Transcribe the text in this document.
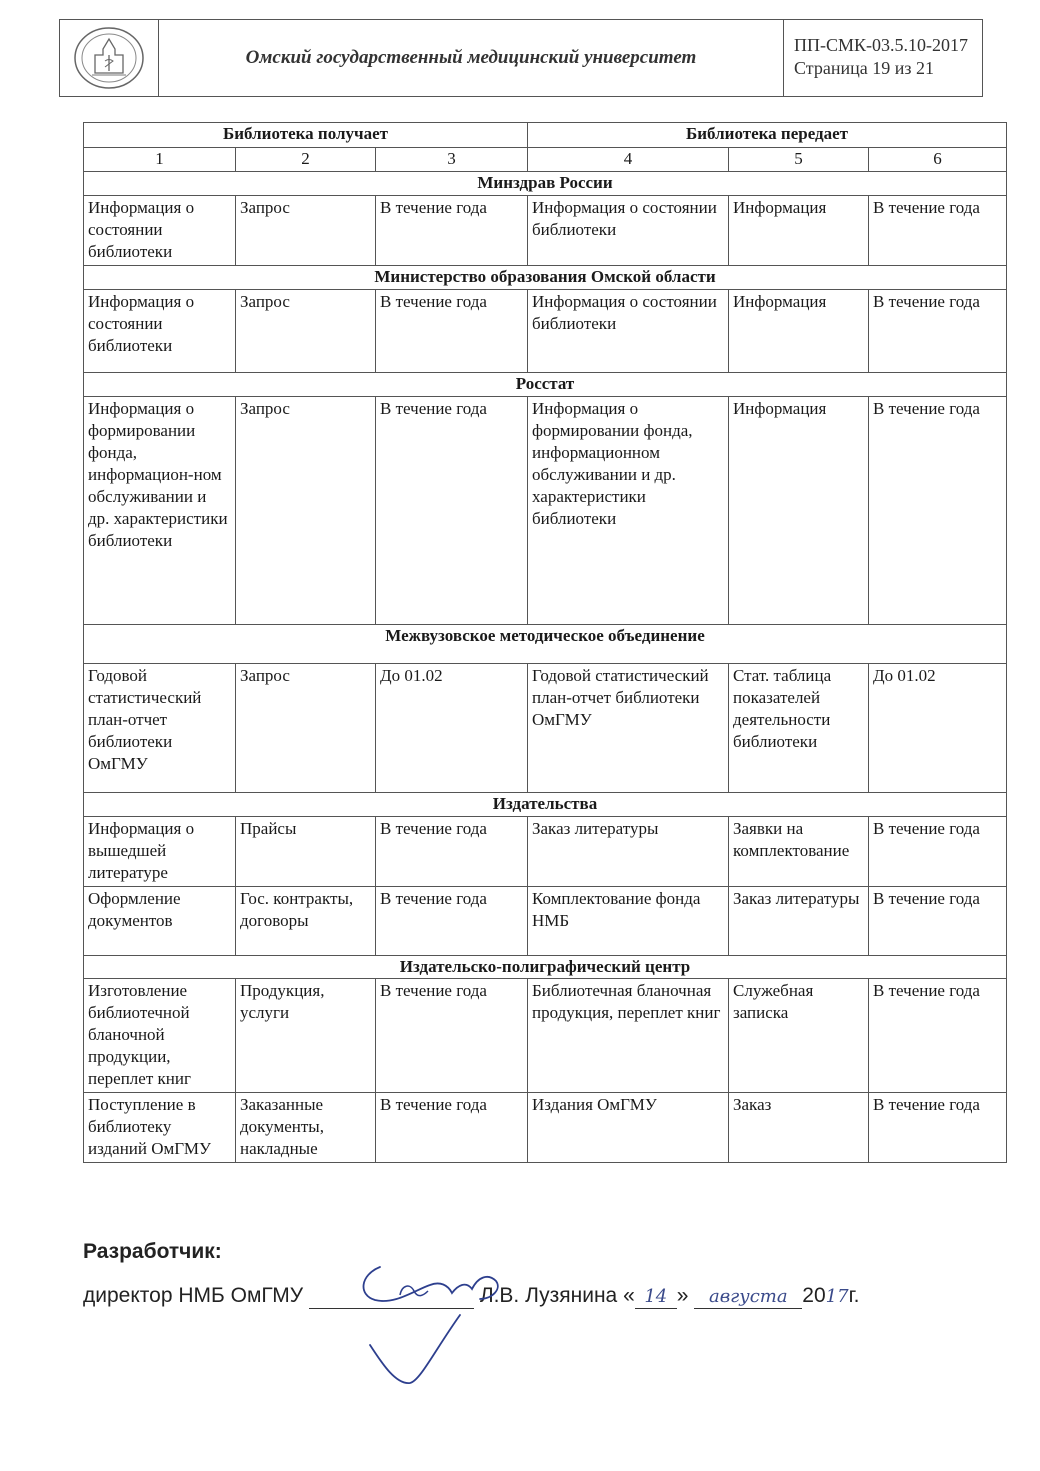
Омский государственный медицинский университет
ПП-СМК-03.5.10-2017
Страница 19 из 21
Библиотека получает			Библиотека передает		
1	2	3	4	5	6
Минздрав России					
Информация о состоянии библиотеки	Запрос	В течение года	Информация о состоянии библиотеки	Информация	В течение года
Министерство образования Омской области					
Информация о состоянии библиотеки	Запрос	В течение года	Информация о состоянии библиотеки	Информация	В течение года
Росстат					
Информация о формировании фонда, информацион-ном обслуживании и др. характеристики библиотеки	Запрос	В течение года	Информация о формировании фонда, информационном обслуживании и др. характеристики библиотеки	Информация	В течение года
Межвузовское методическое объединение					
Годовой статистический план-отчет библиотеки ОмГМУ	Запрос	До 01.02	Годовой статистический план-отчет библиотеки ОмГМУ	Стат. таблица показателей деятельности библиотеки	До 01.02
Издательства					
Информация о вышедшей литературе	Прайсы	В течение года	Заказ литературы	Заявки на комплектование	В течение года
Оформление документов	Гос. контракты, договоры	В течение года	Комплектование фонда НМБ	Заказ литературы	В течение года
Издательско-полиграфический центр					
Изготовление библиотечной бланочной продукции, переплет книг	Продукция, услуги	В течение года	Библиотечная бланочная продукция, переплет книг	Служебная записка	В течение года
Поступление в библиотеку изданий ОмГМУ	Заказанные документы, накладные	В течение года	Издания ОмГМУ	Заказ	В течение года
Разработчик:
директор НМБ ОмГМУ	Л.В. Лузянина « 14 » августа 2017г.
